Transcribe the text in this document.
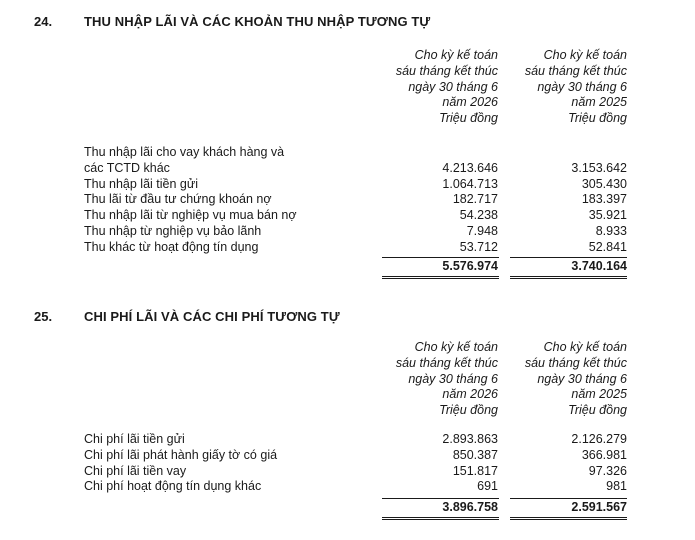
24. THU NHẬP LÃI VÀ CÁC KHOẢN THU NHẬP TƯƠNG TỰ
Cho kỳ kế toán
sáu tháng kết thúc
ngày 30 tháng 6
năm 2026
Triệu đồng
Cho kỳ kế toán
sáu tháng kết thúc
ngày 30 tháng 6
năm 2025
Triệu đồng
Thu nhập lãi cho vay khách hàng và
các TCTD khác	4.213.646	3.153.642
Thu nhập lãi tiền gửi	1.064.713	305.430
Thu lãi từ đầu tư chứng khoán nợ	182.717	183.397
Thu nhập lãi từ nghiệp vụ mua bán nợ	54.238	35.921
Thu nhập từ nghiệp vụ bảo lãnh	7.948	8.933
Thu khác từ hoạt động tín dụng	53.712	52.841
5.576.974	3.740.164
25. CHI PHÍ LÃI VÀ CÁC CHI PHÍ TƯƠNG TỰ
Cho kỳ kế toán
sáu tháng kết thúc
ngày 30 tháng 6
năm 2026
Triệu đồng
Cho kỳ kế toán
sáu tháng kết thúc
ngày 30 tháng 6
năm 2025
Triệu đồng
Chi phí lãi tiền gửi	2.893.863	2.126.279
Chi phí lãi phát hành giấy tờ có giá	850.387	366.981
Chi phí lãi tiền vay	151.817	97.326
Chi phí hoạt động tín dụng khác	691	981
3.896.758	2.591.567
